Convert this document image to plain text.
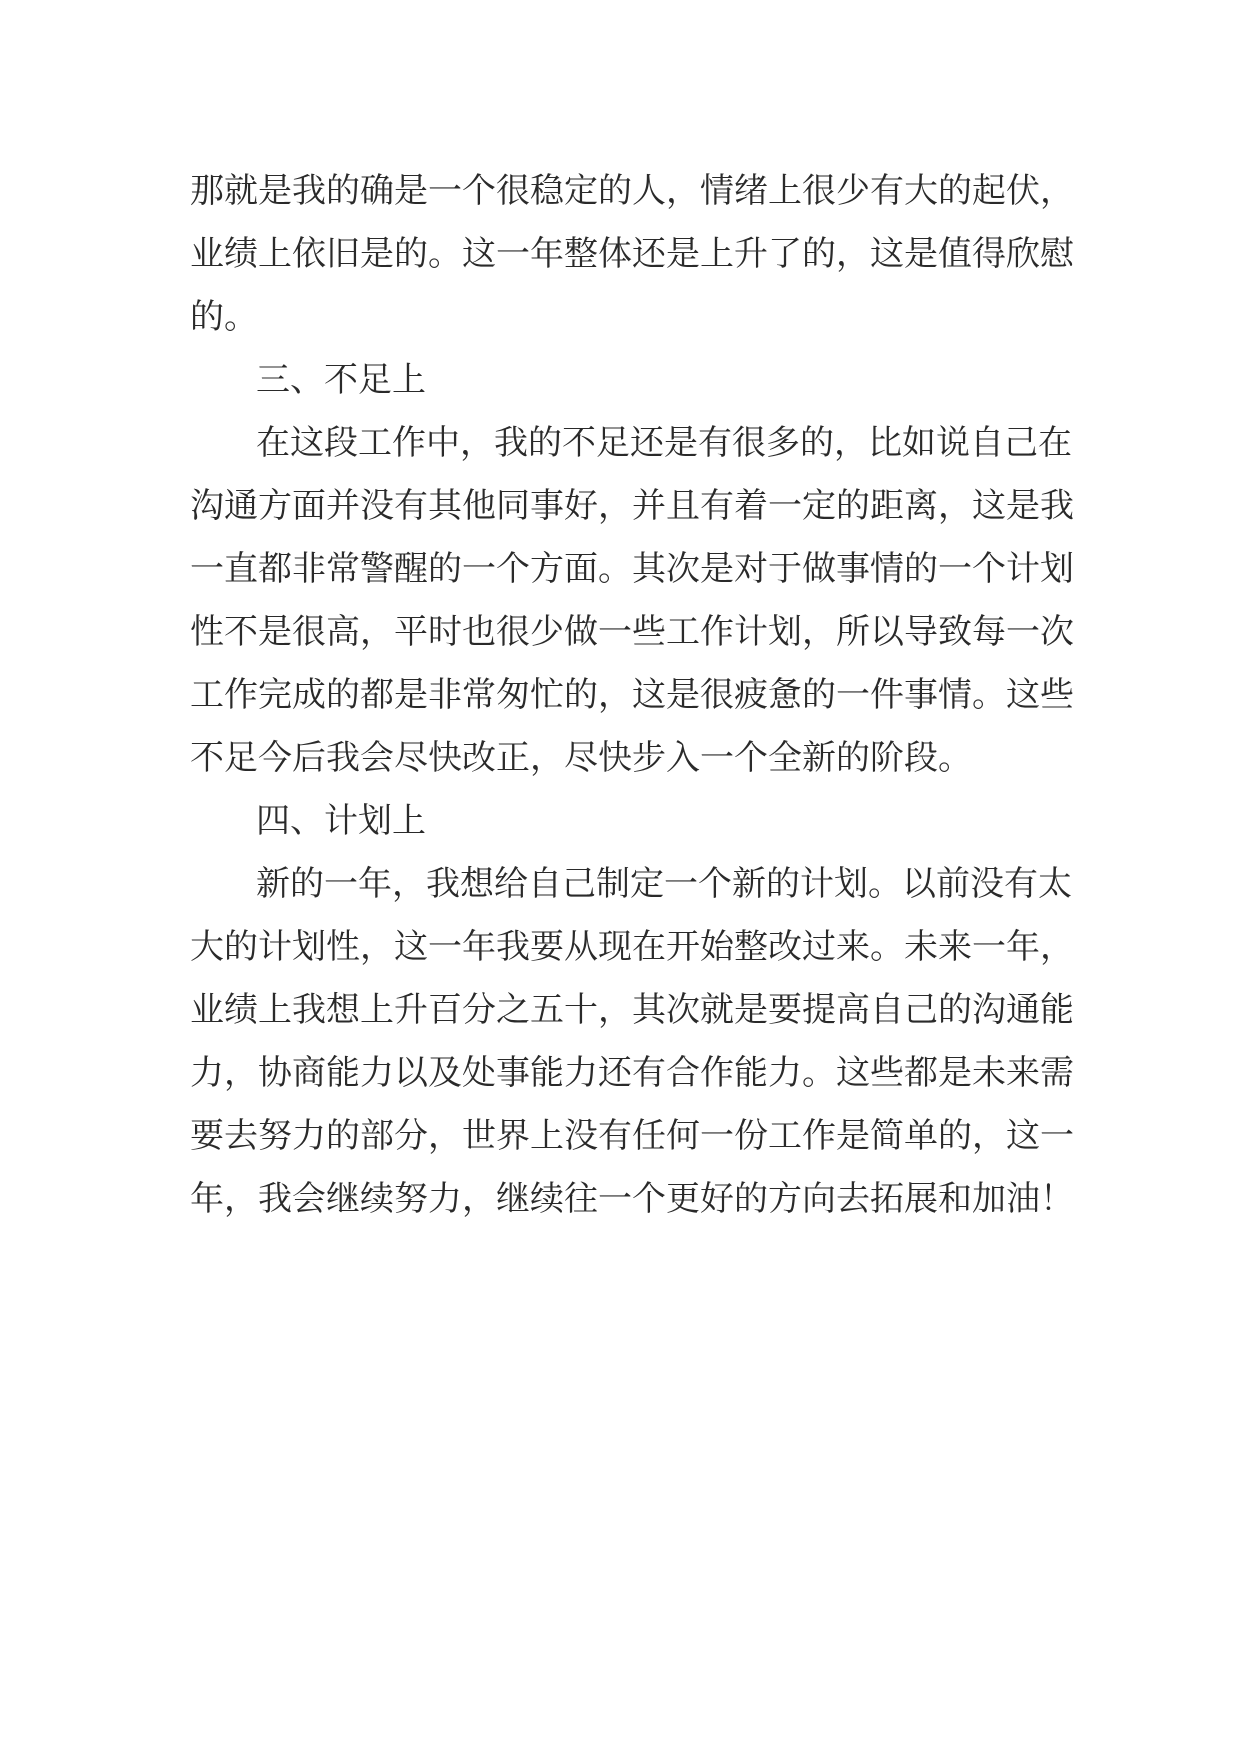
那就是我的确是一个很稳定的人，情绪上很少有大的起伏，
业绩上依旧是的。这一年整体还是上升了的，这是值得欣慰
的。
三、不足上
在这段工作中，我的不足还是有很多的，比如说自己在
沟通方面并没有其他同事好，并且有着一定的距离，这是我
一直都非常警醒的一个方面。其次是对于做事情的一个计划
性不是很高，平时也很少做一些工作计划，所以导致每一次
工作完成的都是非常匆忙的，这是很疲惫的一件事情。这些
不足今后我会尽快改正，尽快步入一个全新的阶段。
四、计划上
新的一年，我想给自己制定一个新的计划。以前没有太
大的计划性，这一年我要从现在开始整改过来。未来一年，
业绩上我想上升百分之五十，其次就是要提高自己的沟通能
力，协商能力以及处事能力还有合作能力。这些都是未来需
要去努力的部分，世界上没有任何一份工作是简单的，这一
年，我会继续努力，继续往一个更好的方向去拓展和加油！
